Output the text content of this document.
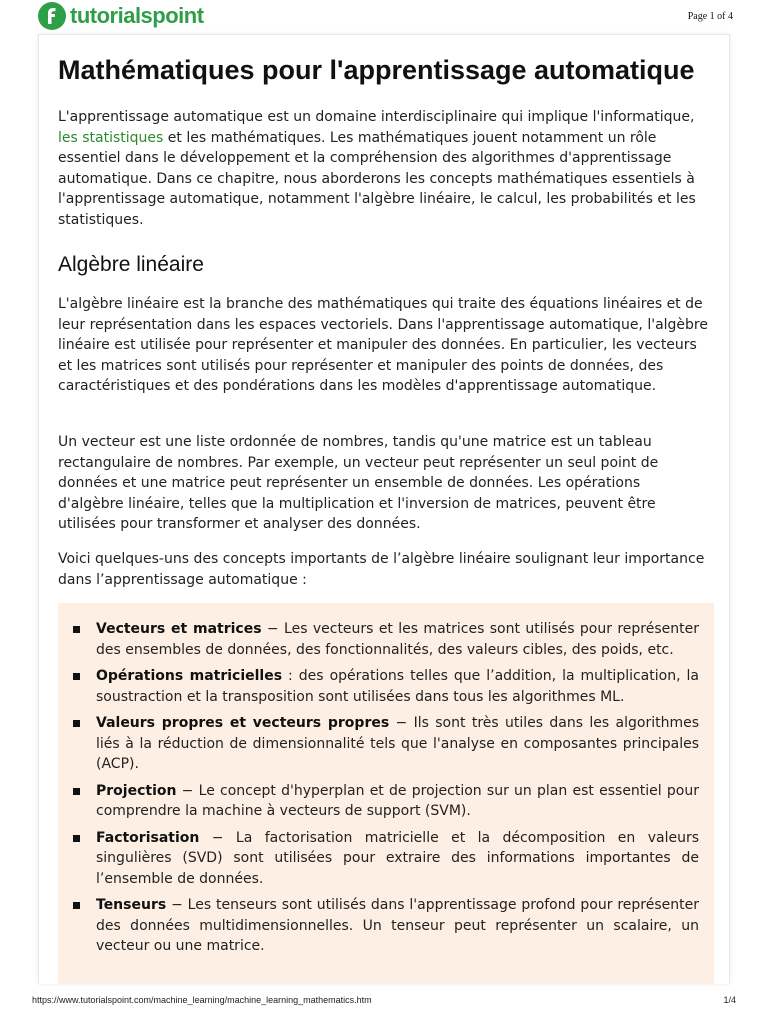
tutorialspoint	Page 1 of 4
Mathématiques pour l'apprentissage automatique

L'apprentissage automatique est un domaine interdisciplinaire qui implique l'informatique, les statistiques et les mathématiques. Les mathématiques jouent notamment un rôle essentiel dans le développement et la compréhension des algorithmes d'apprentissage automatique. Dans ce chapitre, nous aborderons les concepts mathématiques essentiels à l'apprentissage automatique, notamment l'algèbre linéaire, le calcul, les probabilités et les statistiques.

Algèbre linéaire

L'algèbre linéaire est la branche des mathématiques qui traite des équations linéaires et de leur représentation dans les espaces vectoriels. Dans l'apprentissage automatique, l'algèbre linéaire est utilisée pour représenter et manipuler des données. En particulier, les vecteurs et les matrices sont utilisés pour représenter et manipuler des points de données, des caractéristiques et des pondérations dans les modèles d'apprentissage automatique.

Un vecteur est une liste ordonnée de nombres, tandis qu'une matrice est un tableau rectangulaire de nombres. Par exemple, un vecteur peut représenter un seul point de données et une matrice peut représenter un ensemble de données. Les opérations d'algèbre linéaire, telles que la multiplication et l'inversion de matrices, peuvent être utilisées pour transformer et analyser des données.

Voici quelques-uns des concepts importants de l’algèbre linéaire soulignant leur importance dans l’apprentissage automatique :

Vecteurs et matrices − Les vecteurs et les matrices sont utilisés pour représenter des ensembles de données, des fonctionnalités, des valeurs cibles, des poids, etc.
Opérations matricielles : des opérations telles que l’addition, la multiplication, la soustraction et la transposition sont utilisées dans tous les algorithmes ML.
Valeurs propres et vecteurs propres − Ils sont très utiles dans les algorithmes liés à la réduction de dimensionnalité tels que l'analyse en composantes principales (ACP).
Projection − Le concept d'hyperplan et de projection sur un plan est essentiel pour comprendre la machine à vecteurs de support (SVM).
Factorisation − La factorisation matricielle et la décomposition en valeurs singulières (SVD) sont utilisées pour extraire des informations importantes de l’ensemble de données.
Tenseurs − Les tenseurs sont utilisés dans l'apprentissage profond pour représenter des données multidimensionnelles. Un tenseur peut représenter un scalaire, un vecteur ou une matrice.
https://www.tutorialspoint.com/machine_learning/machine_learning_mathematics.htm	1/4
